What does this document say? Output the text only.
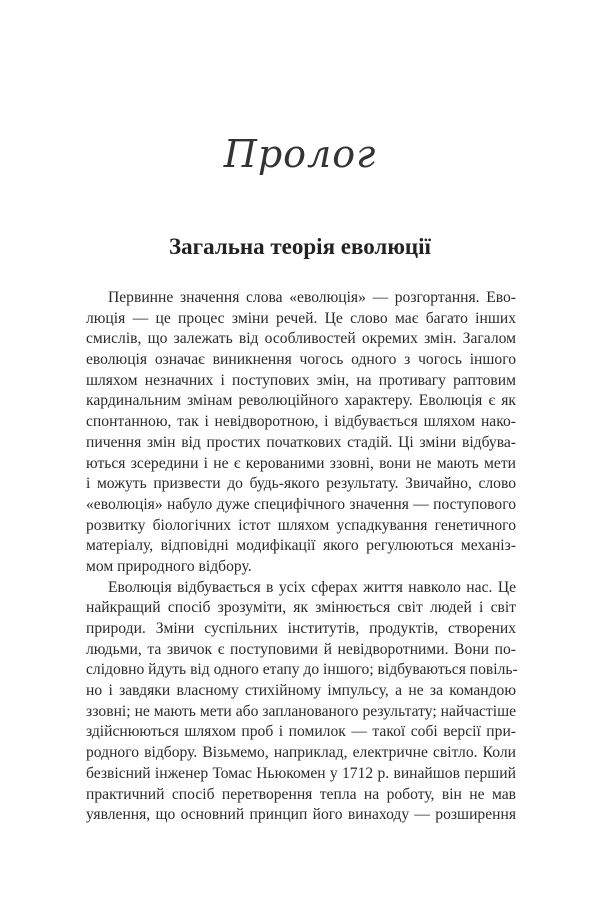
Пролог
Загальна теорія еволюції
Первинне значення слова «еволюція» — розгортання. Ево-
люція — це процес зміни речей. Це слово має багато інших
смислів, що залежать від особливостей окремих змін. Загалом
еволюція означає виникнення чогось одного з чогось іншого
шляхом незначних і поступових змін, на противагу раптовим
кардинальним змінам революційного характеру. Еволюція є як
спонтанною, так і невідворотною, і відбувається шляхом нако-
пичення змін від простих початкових стадій. Ці зміни відбува-
ються зсередини і не є керованими ззовні, вони не мають мети
і можуть призвести до будь-якого результату. Звичайно, слово
«еволюція» набуло дуже специфічного значення — поступового
розвитку біологічних істот шляхом успадкування генетичного
матеріалу, відповідні модифікації якого регулюються механіз-
мом природного відбору.
Еволюція відбувається в усіх сферах життя навколо нас. Це
найкращий спосіб зрозуміти, як змінюється світ людей і світ
природи. Зміни суспільних інститутів, продуктів, створених
людьми, та звичок є поступовими й невідворотними. Вони по-
слідовно йдуть від одного етапу до іншого; відбуваються повіль-
но і завдяки власному стихійному імпульсу, а не за командою
ззовні; не мають мети або запланованого результату; найчастіше
здійснюються шляхом проб і помилок — такої собі версії при-
родного відбору. Візьмемо, наприклад, електричне світло. Коли
безвісний інженер Томас Ньюкомен у 1712 р. винайшов перший
практичний спосіб перетворення тепла на роботу, він не мав
уявлення, що основний принцип його винаходу — розширення
